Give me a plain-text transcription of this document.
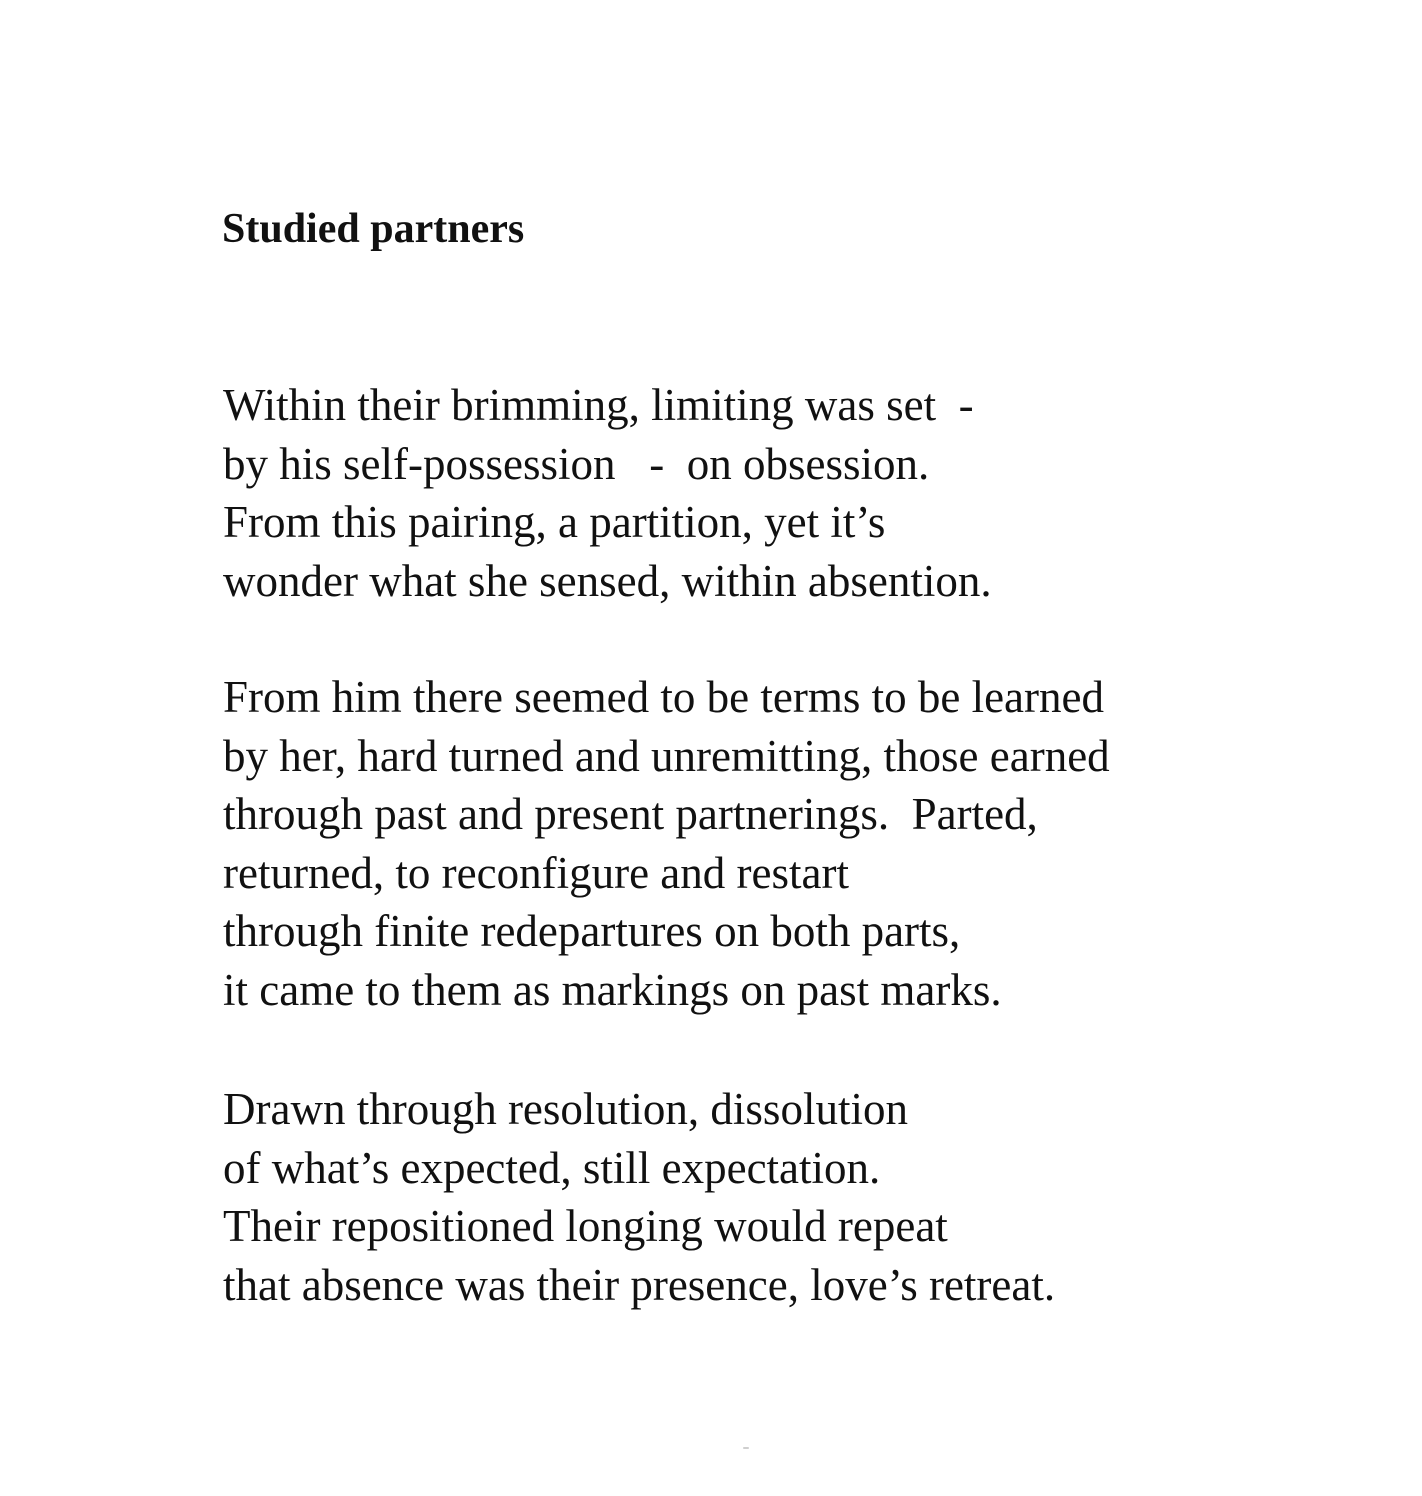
Studied partners
Within their brimming, limiting was set  -
by his self-possession   -  on obsession.
From this pairing, a partition, yet it’s
wonder what she sensed, within absention.
From him there seemed to be terms to be learned
by her, hard turned and unremitting, those earned
through past and present partnerings.  Parted,
returned, to reconfigure and restart
through finite redepartures on both parts,
it came to them as markings on past marks.
Drawn through resolution, dissolution
of what’s expected, still expectation.
Their repositioned longing would repeat
that absence was their presence, love’s retreat.
